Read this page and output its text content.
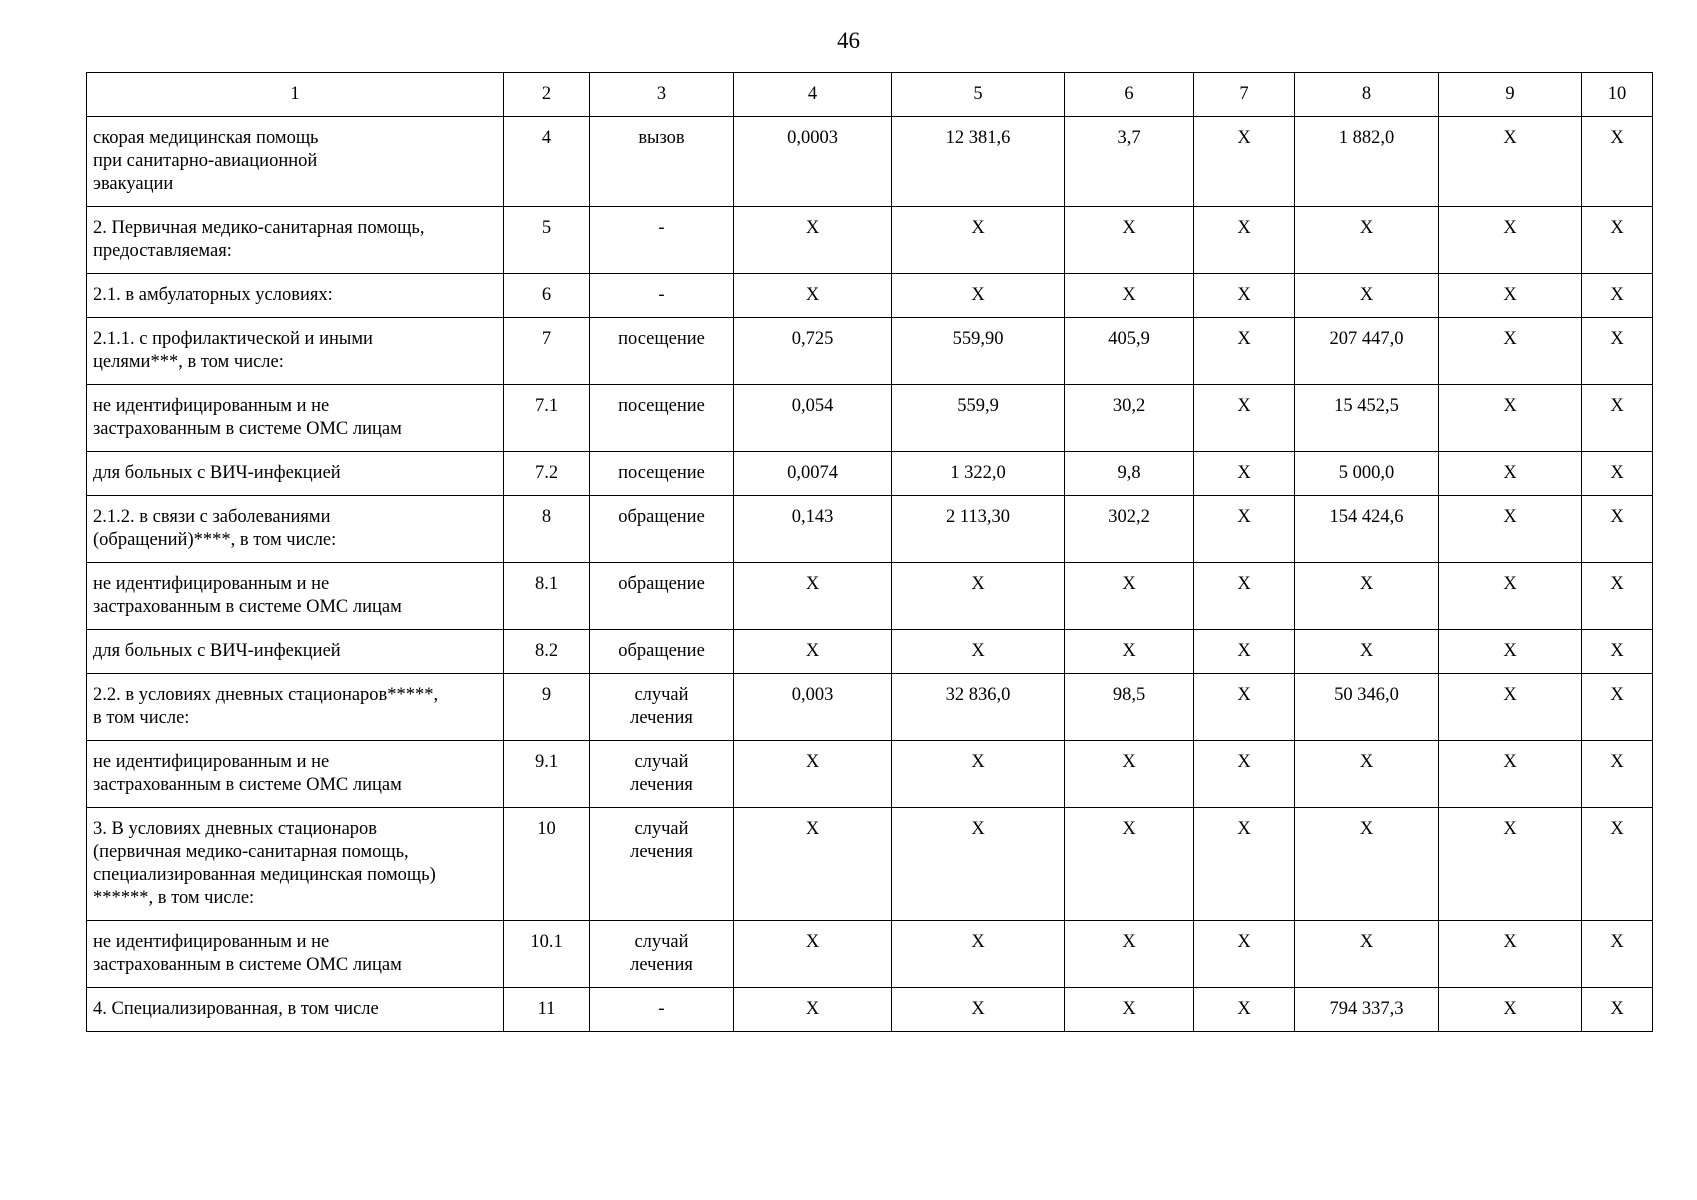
46
1	2	3	4	5	6	7	8	9	10

скорая медицинская помощь
при санитарно-авиационной
эвакуации	4	вызов	0,0003	12 381,6	3,7	Х	1 882,0	Х	Х

2. Первичная медико-санитарная помощь,
предоставляемая:	5	-	Х	Х	Х	Х	Х	Х	Х

2.1. в амбулаторных условиях:	6	-	Х	Х	Х	Х	Х	Х	Х

2.1.1. с профилактической и иными
целями***, в том числе:	7	посещение	0,725	559,90	405,9	Х	207 447,0	Х	Х

не идентифицированным и не
застрахованным в системе ОМС лицам	7.1	посещение	0,054	559,9	30,2	Х	15 452,5	Х	Х

для больных с ВИЧ-инфекцией	7.2	посещение	0,0074	1 322,0	9,8	Х	5 000,0	Х	Х

2.1.2. в связи с заболеваниями
(обращений)****, в том числе:	8	обращение	0,143	2 113,30	302,2	Х	154 424,6	Х	Х

не идентифицированным и не
застрахованным в системе ОМС лицам	8.1	обращение	Х	Х	Х	Х	Х	Х	Х

для больных с ВИЧ-инфекцией	8.2	обращение	Х	Х	Х	Х	Х	Х	Х

2.2. в условиях дневных стационаров*****,
в том числе:	9	случай лечения	0,003	32 836,0	98,5	Х	50 346,0	Х	Х

не идентифицированным и не
застрахованным в системе ОМС лицам	9.1	случай лечения	Х	Х	Х	Х	Х	Х	Х

3. В условиях дневных стационаров
(первичная медико-санитарная помощь,
специализированная медицинская помощь)
******, в том числе:	10	случай лечения	Х	Х	Х	Х	Х	Х	Х

не идентифицированным и не
застрахованным в системе ОМС лицам	10.1	случай лечения	Х	Х	Х	Х	Х	Х	Х

4. Специализированная, в том числе	11	-	Х	Х	Х	Х	794 337,3	Х	Х
